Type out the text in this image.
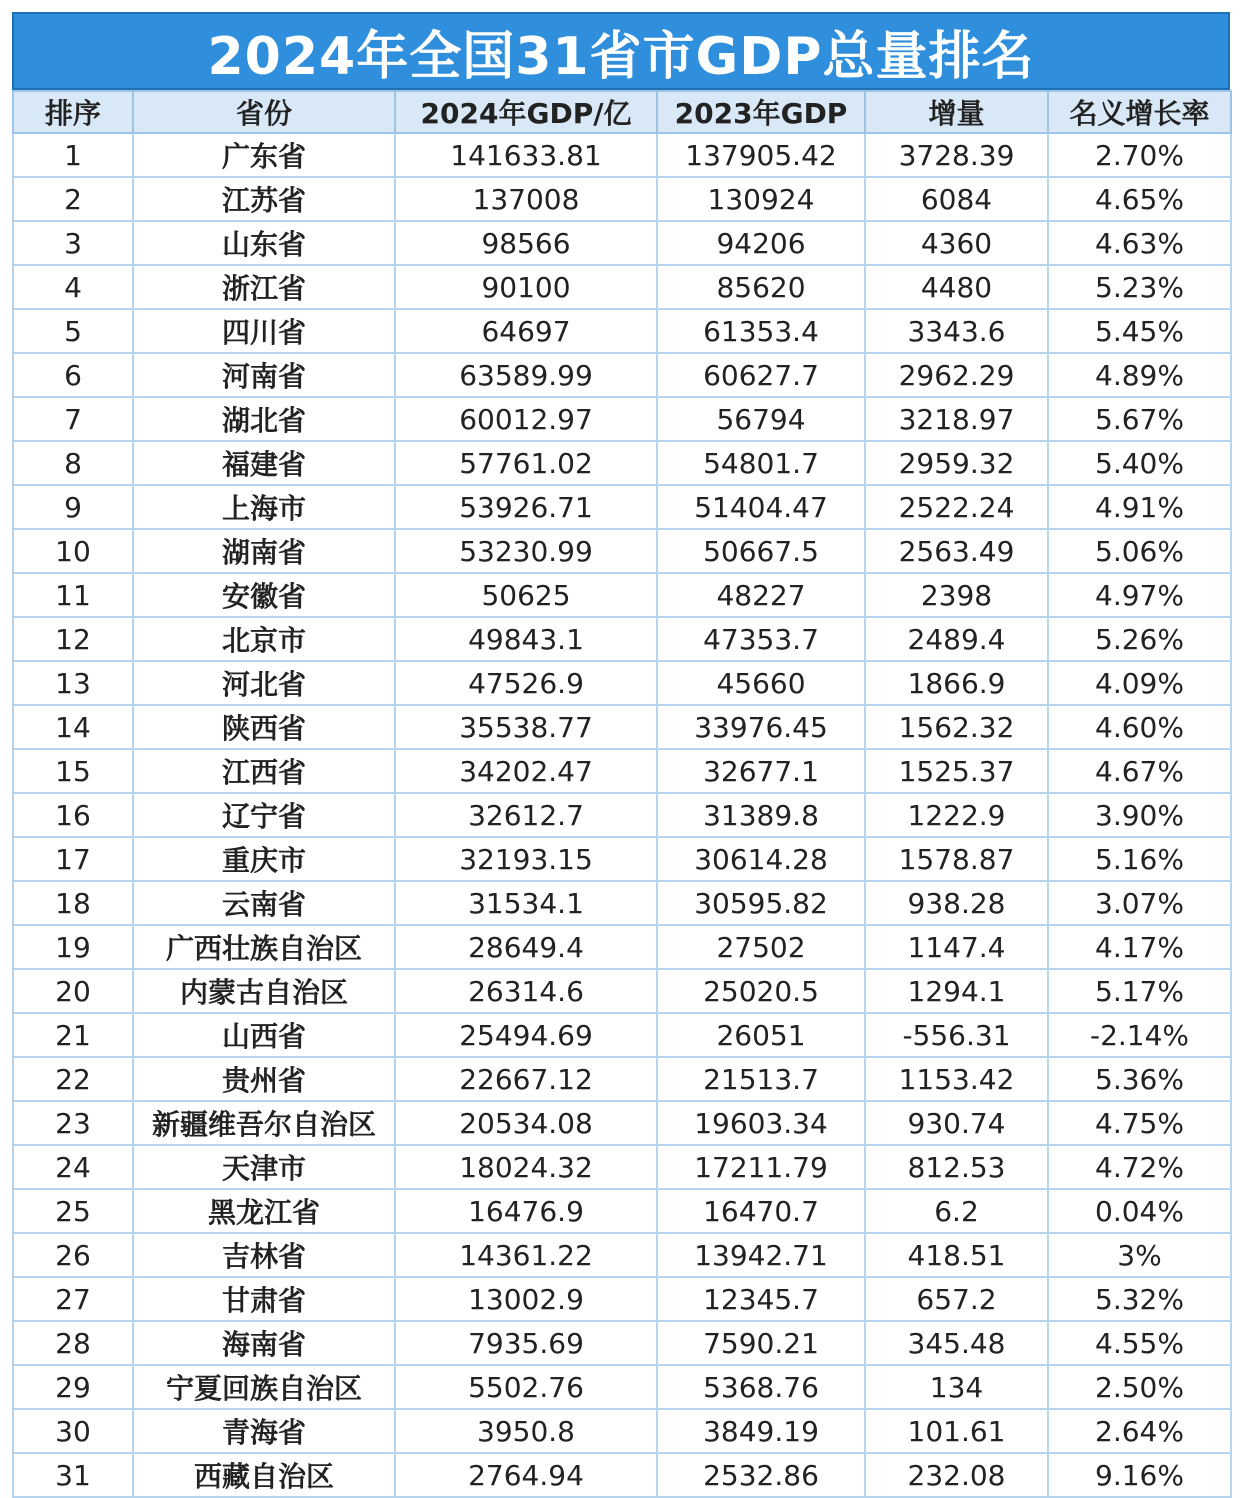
2024年全国31省市GDP总量排名
排序	省份	2024年GDP/亿	2023年GDP	增量	名义增长率
1	广东省	141633.81	137905.42	3728.39	2.70%
2	江苏省	137008	130924	6084	4.65%
3	山东省	98566	94206	4360	4.63%
4	浙江省	90100	85620	4480	5.23%
5	四川省	64697	61353.4	3343.6	5.45%
6	河南省	63589.99	60627.7	2962.29	4.89%
7	湖北省	60012.97	56794	3218.97	5.67%
8	福建省	57761.02	54801.7	2959.32	5.40%
9	上海市	53926.71	51404.47	2522.24	4.91%
10	湖南省	53230.99	50667.5	2563.49	5.06%
11	安徽省	50625	48227	2398	4.97%
12	北京市	49843.1	47353.7	2489.4	5.26%
13	河北省	47526.9	45660	1866.9	4.09%
14	陕西省	35538.77	33976.45	1562.32	4.60%
15	江西省	34202.47	32677.1	1525.37	4.67%
16	辽宁省	32612.7	31389.8	1222.9	3.90%
17	重庆市	32193.15	30614.28	1578.87	5.16%
18	云南省	31534.1	30595.82	938.28	3.07%
19	广西壮族自治区	28649.4	27502	1147.4	4.17%
20	内蒙古自治区	26314.6	25020.5	1294.1	5.17%
21	山西省	25494.69	26051	-556.31	-2.14%
22	贵州省	22667.12	21513.7	1153.42	5.36%
23	新疆维吾尔自治区	20534.08	19603.34	930.74	4.75%
24	天津市	18024.32	17211.79	812.53	4.72%
25	黑龙江省	16476.9	16470.7	6.2	0.04%
26	吉林省	14361.22	13942.71	418.51	3%
27	甘肃省	13002.9	12345.7	657.2	5.32%
28	海南省	7935.69	7590.21	345.48	4.55%
29	宁夏回族自治区	5502.76	5368.76	134	2.50%
30	青海省	3950.8	3849.19	101.61	2.64%
31	西藏自治区	2764.94	2532.86	232.08	9.16%
